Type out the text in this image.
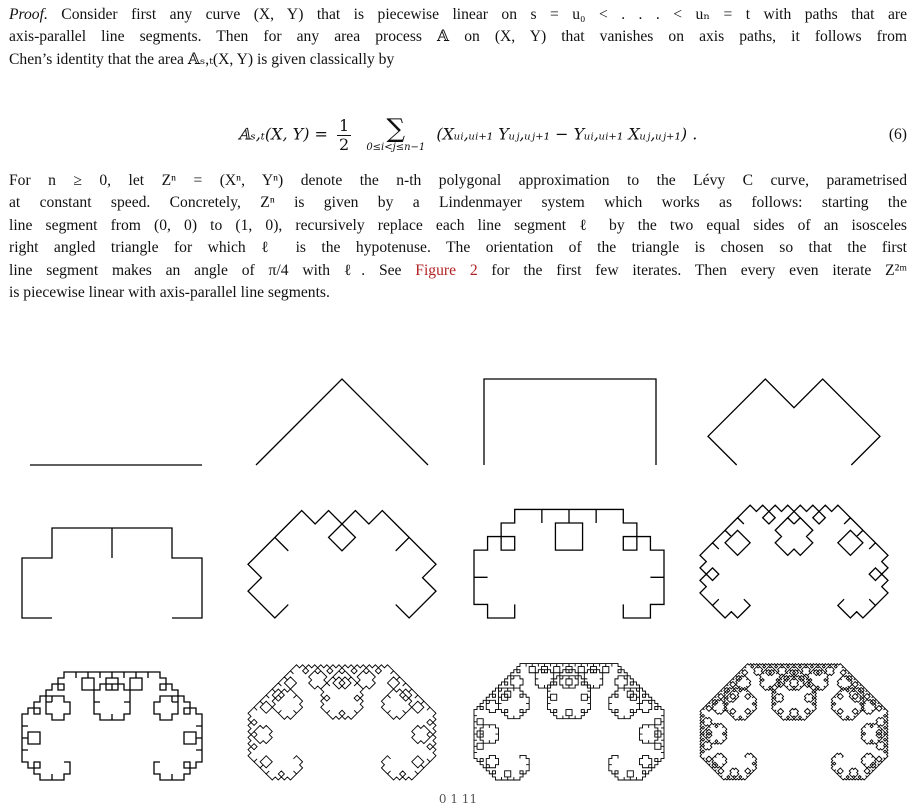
Proof. Consider first any curve (X, Y) that is piecewise linear on s = u₀ < . . . < uₙ = t with paths that are
axis-parallel line segments. Then for any area process 𝔸 on (X, Y) that vanishes on axis paths, it follows from
Chen’s identity that the area 𝔸ₛ,ₜ(X, Y) is given classically by
𝔸ₛ,ₜ(X, $Y) = \frac{1}{2}$
	∑
0≤i<j≤n−1
(Xᵤᵢ,ᵤᵢ₊₁ Yᵤⱼ,ᵤⱼ₊₁ − Yᵤᵢ,ᵤᵢ₊₁ Xᵤⱼ,ᵤⱼ₊₁) .	(6)
For n ≥ 0, let Zⁿ = (Xⁿ, Yⁿ) denote the n-th polygonal approximation to the Lévy C curve, parametrised
at constant speed. Concretely, Zⁿ is given by a Lindenmayer system which works as follows: starting the
line segment from (0, 0) to (1, 0), recursively replace each line segment ℓ by the two equal sides of an isosceles
right angled triangle for which ℓ is the hypotenuse. The orientation of the triangle is chosen so that the first
line segment makes an angle of π/4 with ℓ. See Figure 2 for the first few iterates. Then every even iterate Z²ᵐ
is piecewise linear with axis-parallel line segments.
0 1 11
